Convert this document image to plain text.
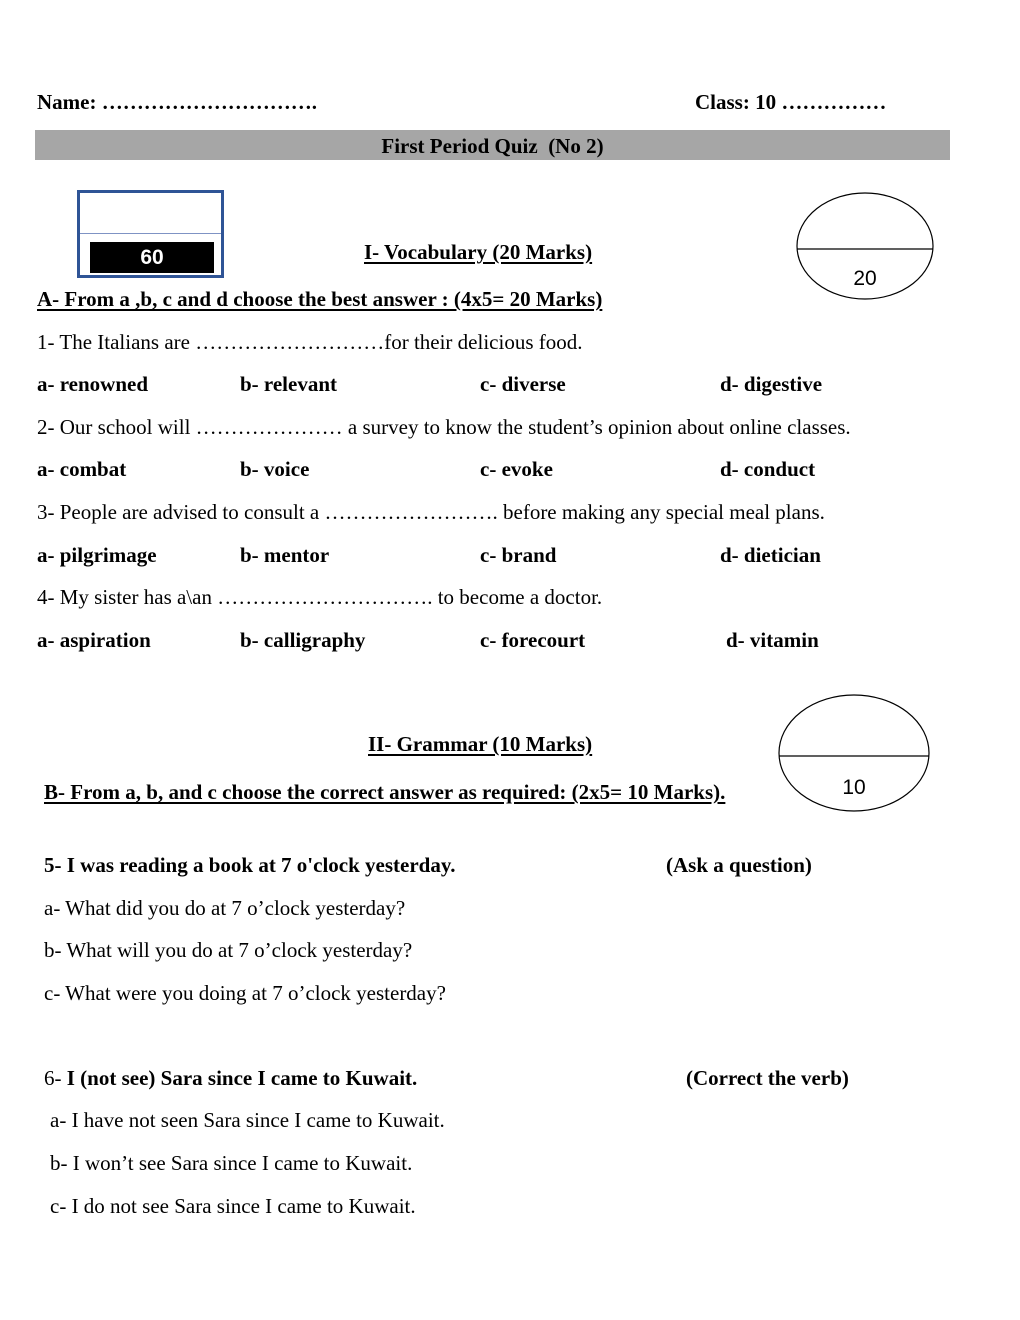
Name: ………………………….	Class: 10 ……………
First Period Quiz  (No 2)
60	I- Vocabulary (20 Marks)
20
A- From a ,b, c and d choose the best answer : (4x5= 20 Marks)
1- The Italians are ………………………for their delicious food.
a- renowned	b- relevant	c- diverse	d- digestive
2- Our school will ………………… a survey to know the student’s opinion about online classes.
a- combat	b- voice	c- evoke	d- conduct
3- People are advised to consult a ……………………. before making any special meal plans.
a- pilgrimage	b- mentor	c- brand	d- dietician
4- My sister has a\an …………………………. to become a doctor.
a- aspiration	b- calligraphy	c- forecourt	d- vitamin
II- Grammar (10 Marks)
10
B- From a, b, and c choose the correct answer as required: (2x5= 10 Marks).
5- I was reading a book at 7 o'clock yesterday.	(Ask a question)
a- What did you do at 7 o’clock yesterday?
b- What will you do at 7 o’clock yesterday?
c- What were you doing at 7 o’clock yesterday?
6- I (not see) Sara since I came to Kuwait.	(Correct the verb)
a- I have not seen Sara since I came to Kuwait.
b- I won’t see Sara since I came to Kuwait.
c- I do not see Sara since I came to Kuwait.
